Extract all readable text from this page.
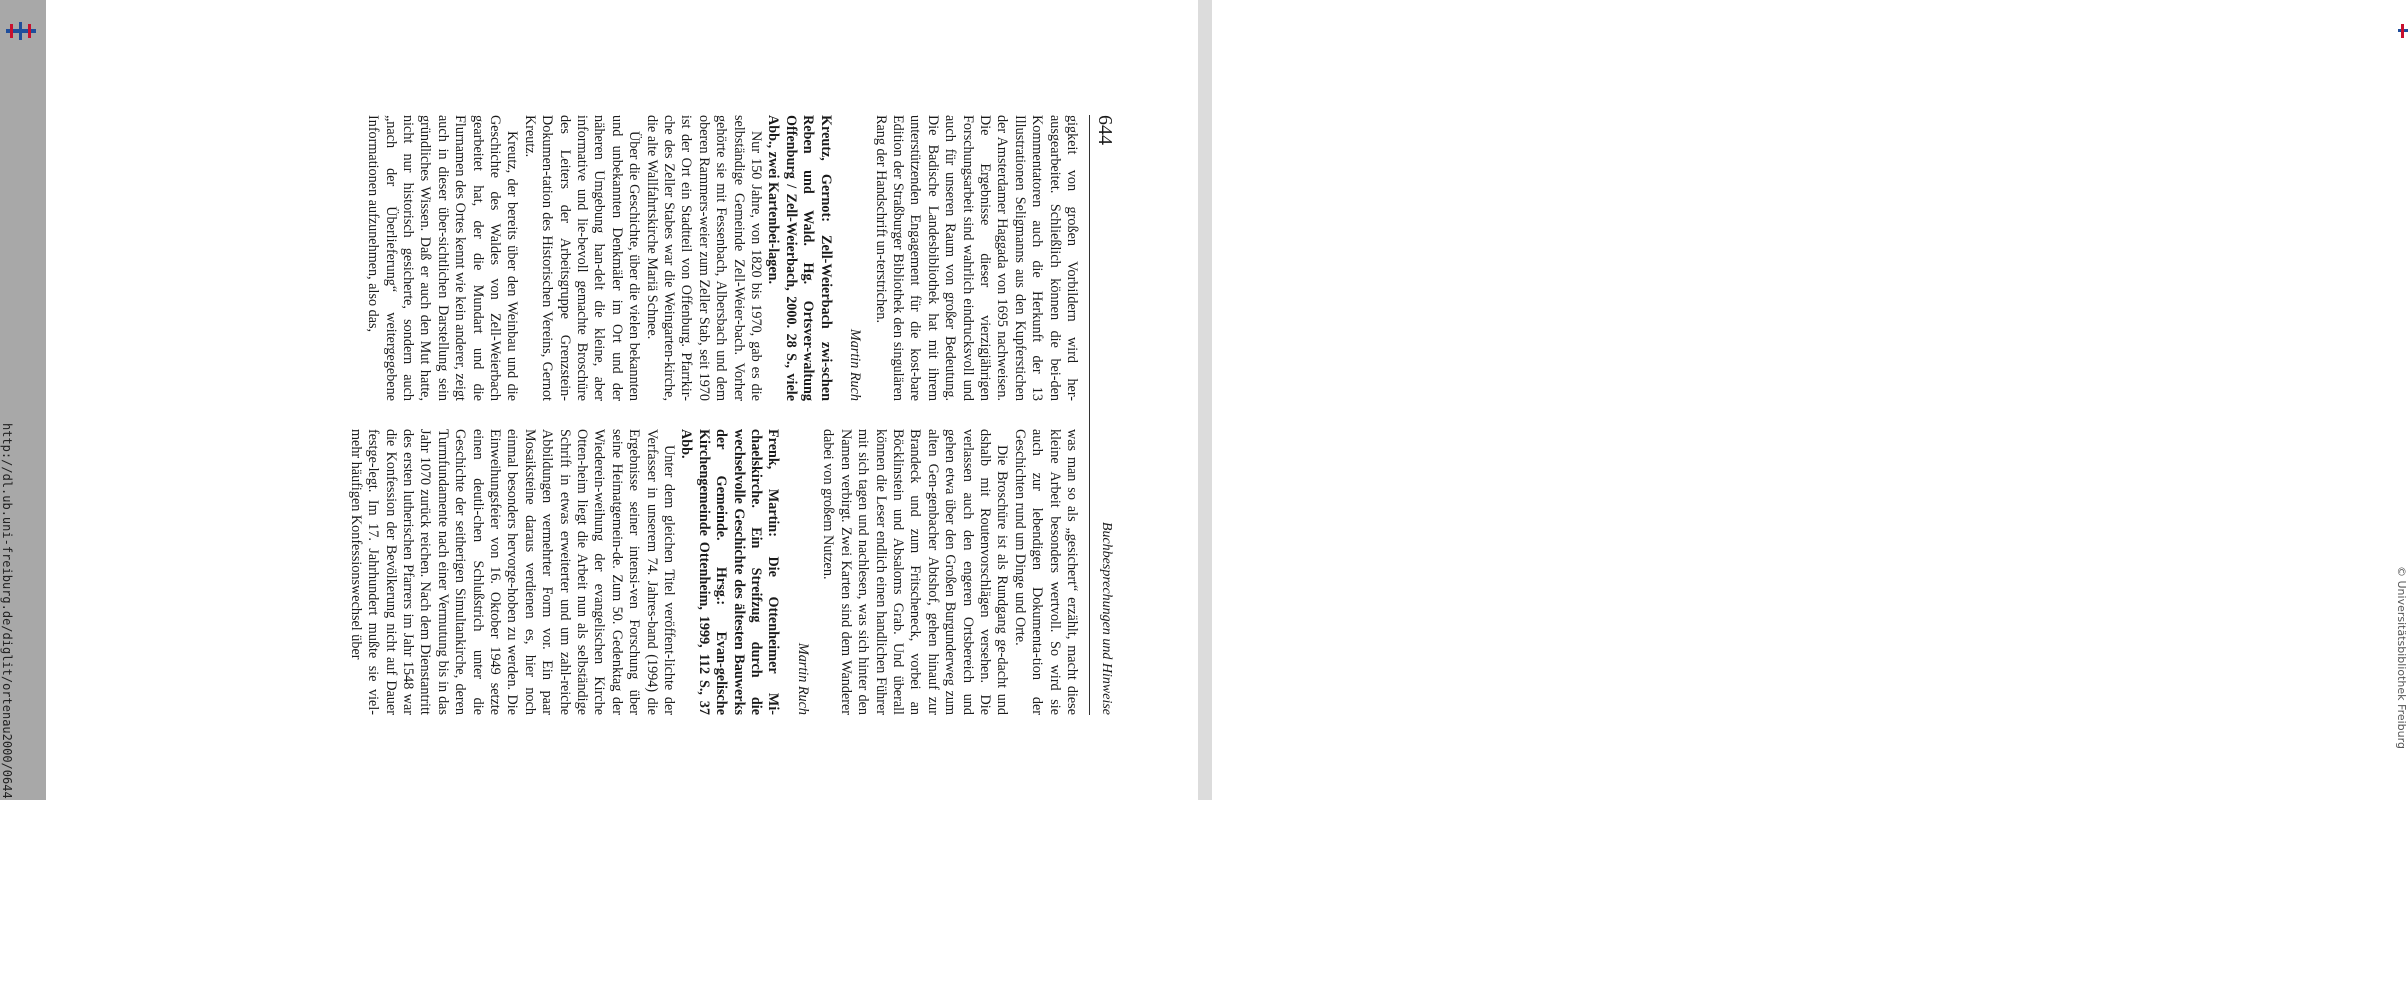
http://dl.ub.uni-freiburg.de/diglit/ortenau2000/0644	© Universitätsbibliothek Freiburg
644
Buchbesprechungen und Hinweise

gigkeit von großen Vorbildern wird her-ausgearbeitet. Schließlich können die bei-den Kommentatoren auch die Herkunft der 13 Illustrationen Seligmanns aus den Kupferstichen der Amsterdamer Haggada von 1695 nachweisen. Die Ergebnisse dieser vierzigjährigen Forschungsarbeit sind wahrlich eindrucksvoll und auch für unseren Raum von großer Bedeutung. Die Badische Landesbibliothek hat mit ihrem unterstützenden Engagement für die kost-bare Edition der Straßburger Bibliothek den singulären Rang der Handschrift un-terstrichen.

Martin Ruch

Kreutz, Gernot: Zell-Weierbach zwi-schen Reben und Wald. Hg. Ortsver-waltung Offenburg / Zell-Weierbach, 2000. 28 S., viele Abb., zwei Kartenbei-lagen.

Nur 150 Jahre, von 1820 bis 1970, gab es die selbständige Gemeinde Zell-Weier-bach. Vorher gehörte sie mit Fessenbach, Albersbach und dem oberen Rammers-weier zum Zeller Stab, seit 1970 ist der Ort ein Stadtteil von Offenburg. Pfarrkir-che des Zeller Stabes war die Weingarten-kirche, die alte Wallfahrtskirche Mariä Schnee.

Über die Geschichte, über die vielen bekannten und unbekannten Denkmäler im Ort und der näheren Umgebung han-delt die kleine, aber informative und lie-bevoll gemachte Broschüre des Leiters der Arbeitsgruppe Grenzstein-Dokumen-tation des Historischen Vereins, Gernot Kreutz.

Kreutz, der bereits über den Weinbau und die Geschichte des Waldes von Zell-Weierbach gearbeitet hat, der die Mundart und die Flurnamen des Ortes kennt wie kein anderer, zeigt auch in dieser über-sichtlichen Darstellung sein gründliches Wissen. Daß er auch den Mut hatte, nicht nur historisch gesicherte, sondern auch „nach der Überlieferung“ weitergegebene Informationen aufzunehmen, also das,

was man so als „gesichert“ erzählt, macht diese kleine Arbeit besonders wertvoll. So wird sie auch zur lebendigen Dokumenta-tion der Geschichten rund um Dinge und Orte.

Die Broschüre ist als Rundgang ge-dacht und dshalb mit Routenvorschlägen versehen. Die verlassen auch den engeren Ortsbereich und gehen etwa über den Großen Burgunderweg zum alten Gen-genbacher Abtshof, gehen hinauf zur Brandeck und zum Fritscheneck, vorbei an Böcklinstein und Absaloms Grab. Und überall können die Leser endlich einen handlichen Führer mit sich tagen und nachlesen, was sich hinter den Namen verbirgt. Zwei Karten sind dem Wanderer dabei von großem Nutzen.

Martin Ruch

Frenk, Martin: Die Ottenheimer Mi-chaelskirche. Ein Streifzug durch die wechselvolle Geschichte des ältesten Bauwerks der Gemeinde. Hrsg.: Evan-gelische Kirchengemeinde Ottenheim, 1999, 112 S., 37 Abb.

Unter dem gleichen Titel veröffent-lichte der Verfasser in unserem 74. Jahres-band (1994) die Ergebnisse seiner intensi-ven Forschung über seine Heimatgemein-de. Zum 50. Gedenktag der Wiederein-weihung der evangelischen Kirche Otten-heim liegt die Arbeit nun als selbständige Schrift in etwas erweiterter und um zahl-reiche Abbildungen vermehrter Form vor. Ein paar Mosaiksteine daraus verdienen es, hier noch einmal besonders hervorge-hoben zu werden. Die Einweihungsfeier von 16. Oktober 1949 setzte einen deutli-chen Schlußstrich unter die Geschichte der seitherigen Simultankirche, deren Turmfundamente nach einer Vermutung bis in das Jahr 1070 zurück reichen. Nach dem Dienstantritt des ersten lutherischen Pfarrers im Jahr 1548 war die Konfession der Bevölkerung nicht auf Dauer festge-legt. Im 17. Jahrhundert mußte sie viel-mehr häufigen Konfessionswechsel über
